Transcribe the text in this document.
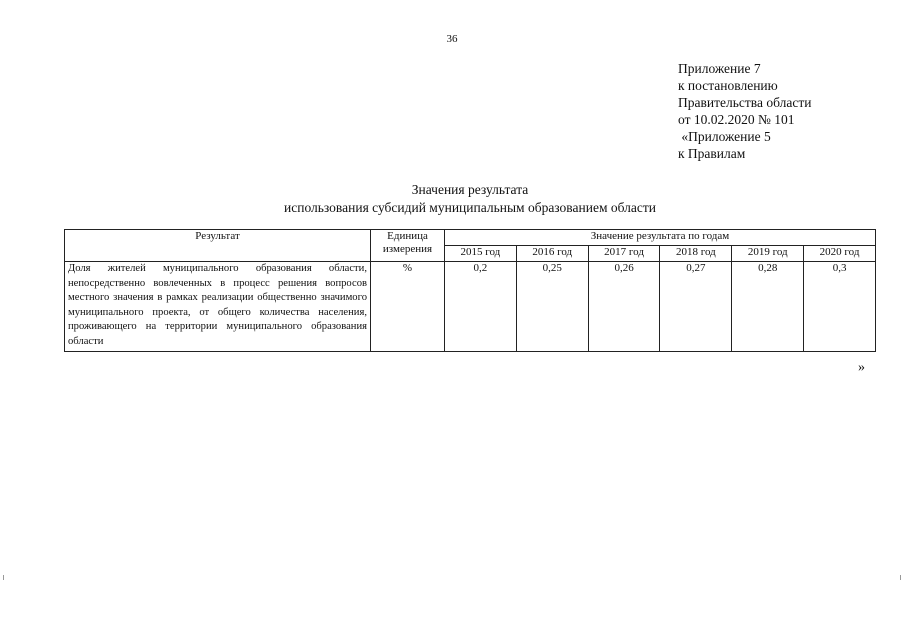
36
Приложение 7
к постановлению
Правительства области
от 10.02.2020 № 101
«Приложение 5
к Правилам
Значения результата
использования субсидий муниципальным образованием области
Результат	Единица измерения	Значение результата по годам					
		2015 год	2016 год	2017 год	2018 год	2019 год	2020 год
Доля жителей муниципального образования области, непосредственно вовлеченных в процесс решения вопросов местного значения в рамках реализации общественно значимого муниципального проекта, от общего количества населения, проживающего на территории муниципального образования области	%	0,2	0,25	0,26	0,27	0,28	0,3
»
